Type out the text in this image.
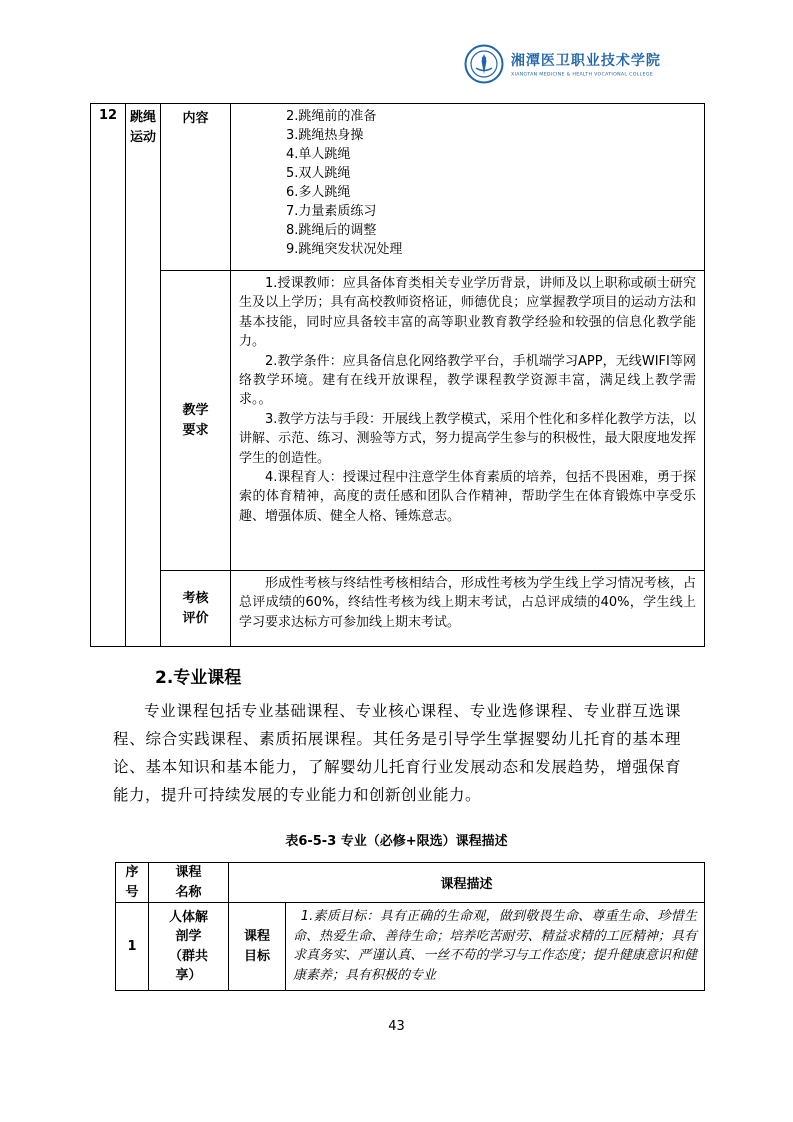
湘潭医卫职业技术学院
XIANGTAN MEDICINE & HEALTH VOCATIONAL COLLEGE
12	跳绳运动	内容	2.跳绳前的准备
3.跳绳热身操
4.单人跳绳
5.双人跳绳
6.多人跳绳
7.力量素质练习
8.跳绳后的调整
9.跳绳突发状况处理

		教学要求	1.授课教师：应具备体育类相关专业学历背景，讲师及以上职称或硕士研究生及以上学历；具有高校教师资格证，师德优良；应掌握教学项目的运动方法和基本技能，同时应具备较丰富的高等职业教育教学经验和较强的信息化教学能力。

2.教学条件：应具备信息化网络教学平台，手机端学习APP，无线WIFI等网络教学环境。建有在线开放课程，教学课程教学资源丰富，满足线上教学需求。。

3.教学方法与手段：开展线上教学模式，采用个性化和多样化教学方法，以讲解、示范、练习、测验等方式，努力提高学生参与的积极性，最大限度地发挥学生的创造性。

4.课程育人：授课过程中注意学生体育素质的培养，包括不畏困难，勇于探索的体育精神，高度的责任感和团队合作精神，帮助学生在体育锻炼中享受乐趣、增强体质、健全人格、锤炼意志。

		考核评价	形成性考核与终结性考核相结合，形成性考核为学生线上学习情况考核，占总评成绩的60%，终结性考核为线上期末考试，占总评成绩的40%，学生线上学习要求达标方可参加线上期末考试。

2.专业课程

专业课程包括专业基础课程、专业核心课程、专业选修课程、专业群互选课程、综合实践课程、素质拓展课程。其任务是引导学生掌握婴幼儿托育的基本理论、基本知识和基本能力，了解婴幼儿托育行业发展动态和发展趋势，增强保育能力，提升可持续发展的专业能力和创新创业能力。

表6-5-3 专业（必修+限选）课程描述
序号	课程名称	课程描述	
1	人体解剖学（群共享）	课程目标	1.素质目标：具有正确的生命观，做到敬畏生命、尊重生命、珍惜生命、热爱生命、善待生命；培养吃苦耐劳、精益求精的工匠精神；具有求真务实、严谨认真、一丝不苟的学习与工作态度；提升健康意识和健康素养；具有积极的专业
43
